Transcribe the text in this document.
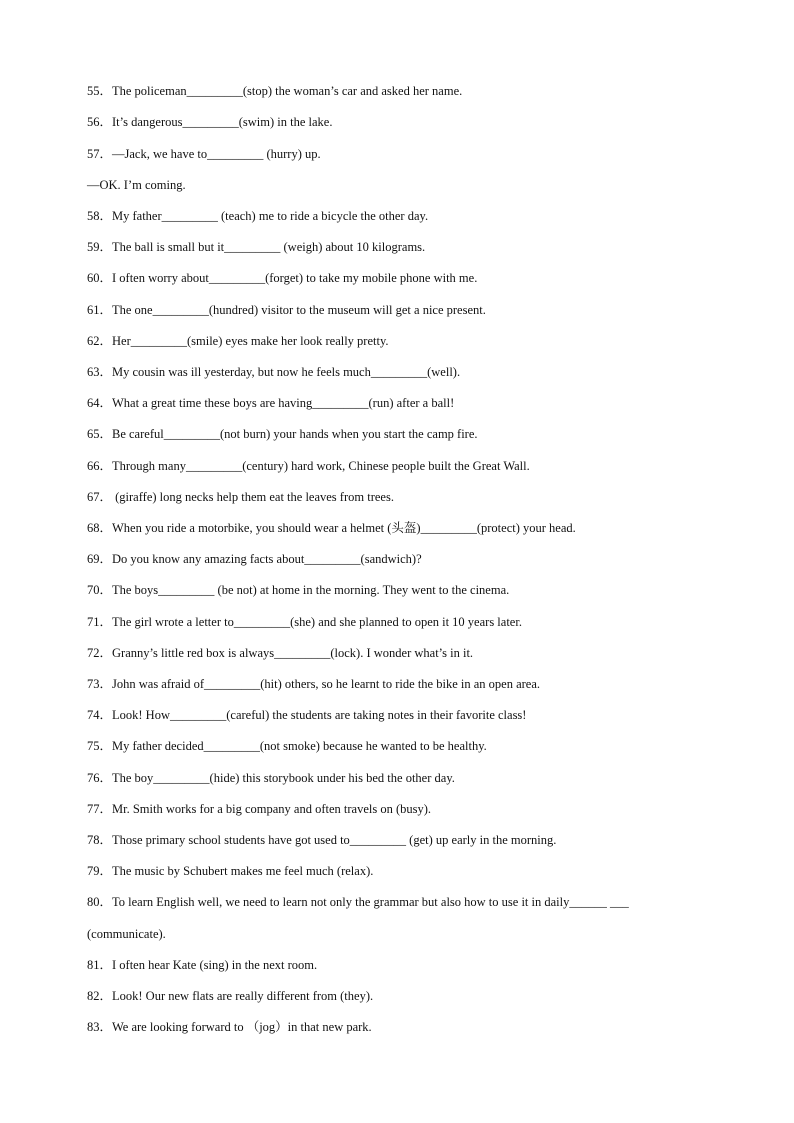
55．The policeman_________(stop) the woman’s car and asked her name.
56．It’s dangerous_________(swim) in the lake.
57．—Jack, we have to_________ (hurry) up.
—OK. I’m coming.
58．My father_________ (teach) me to ride a bicycle the other day.
59．The ball is small but it_________ (weigh) about 10 kilograms.
60．I often worry about_________(forget) to take my mobile phone with me.
61．The one_________(hundred) visitor to the museum will get a nice present.
62．Her_________(smile) eyes make her look really pretty.
63．My cousin was ill yesterday, but now he feels much_________(well).
64．What a great time these boys are having_________(run) after a ball!
65．Be careful_________(not burn) your hands when you start the camp fire.
66．Through many_________(century) hard work, Chinese people built the Great Wall.
67． (giraffe) long necks help them eat the leaves from trees.
68．When you ride a motorbike, you should wear a helmet (头盔)_________(protect) your head.
69．Do you know any amazing facts about_________(sandwich)?
70．The boys_________ (be not) at home in the morning. They went to the cinema.
71．The girl wrote a letter to_________(she) and she planned to open it 10 years later.
72．Granny’s little red box is always_________(lock). I wonder what’s in it.
73．John was afraid of_________(hit) others, so he learnt to ride the bike in an open area.
74．Look! How_________(careful) the students are taking notes in their favorite class!
75．My father decided_________(not smoke) because he wanted to be healthy.
76．The boy_________(hide) this storybook under his bed the other day.
77．Mr. Smith works for a big company and often travels on (busy).
78．Those primary school students have got used to_________ (get) up early in the morning.
79．The music by Schubert makes me feel much (relax).
80．To learn English well, we need to learn not only the grammar but also how to use it in daily______ ___
(communicate).
81．I often hear Kate (sing) in the next room.
82．Look! Our new flats are really different from (they).
83．We are looking forward to （jog）in that new park.
